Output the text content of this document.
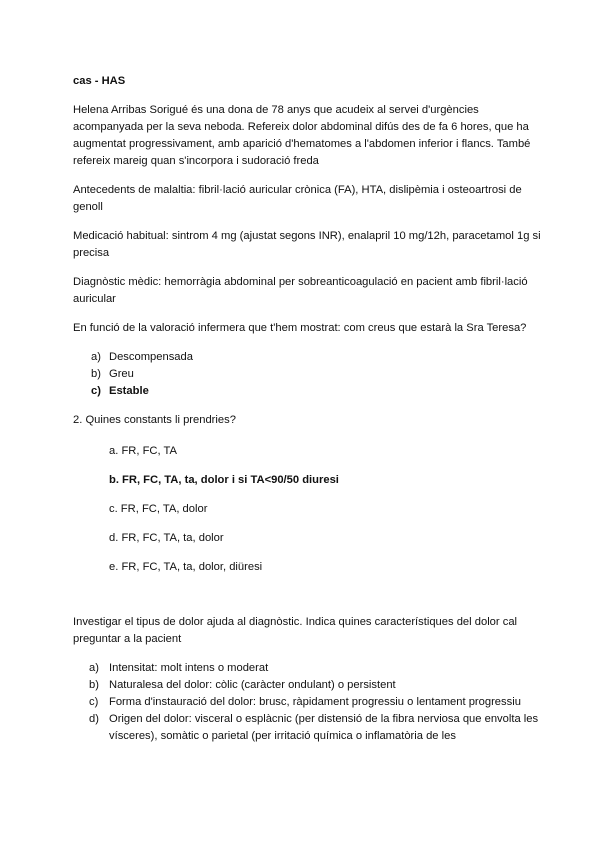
cas - HAS

Helena Arribas Sorigué és una dona de 78 anys que acudeix al servei d'urgències acompanyada per la seva neboda. Refereix dolor abdominal difús des de fa 6 hores, que ha augmentat progressivament, amb aparició d'hematomes a l'abdomen inferior i flancs. També refereix mareig quan s'incorpora i sudoració freda

Antecedents de malaltia: fibril·lació auricular crònica (FA), HTA, dislipèmia i osteoartrosi de genoll

Medicació habitual: sintrom 4 mg (ajustat segons INR), enalapril 10 mg/12h, paracetamol 1g si precisa

Diagnòstic mèdic: hemorràgia abdominal per sobreanticoagulació en pacient amb fibril·lació auricular

En funció de la valoració infermera que t'hem mostrat: com creus que estarà la Sra Teresa?

a) Descompensada
b) Greu
c) Estable

2. Quines constants li prendries?

a. FR, FC, TA

b. FR, FC, TA, ta, dolor i si TA<90/50 diuresi

c. FR, FC, TA, dolor

d. FR, FC, TA, ta, dolor

e. FR, FC, TA, ta, dolor, diüresi

Investigar el tipus de dolor ajuda al diagnòstic. Indica quines característiques del dolor cal preguntar a la pacient

a) Intensitat: molt intens o moderat
b) Naturalesa del dolor: còlic (caràcter ondulant) o persistent
c) Forma d'instauració del dolor: brusc, ràpidament progressiu o lentament progressiu
d) Origen del dolor: visceral o esplàcnic (per distensió de la fibra nerviosa que envolta les vísceres), somàtic o parietal (per irritació química o inflamatòria de les
